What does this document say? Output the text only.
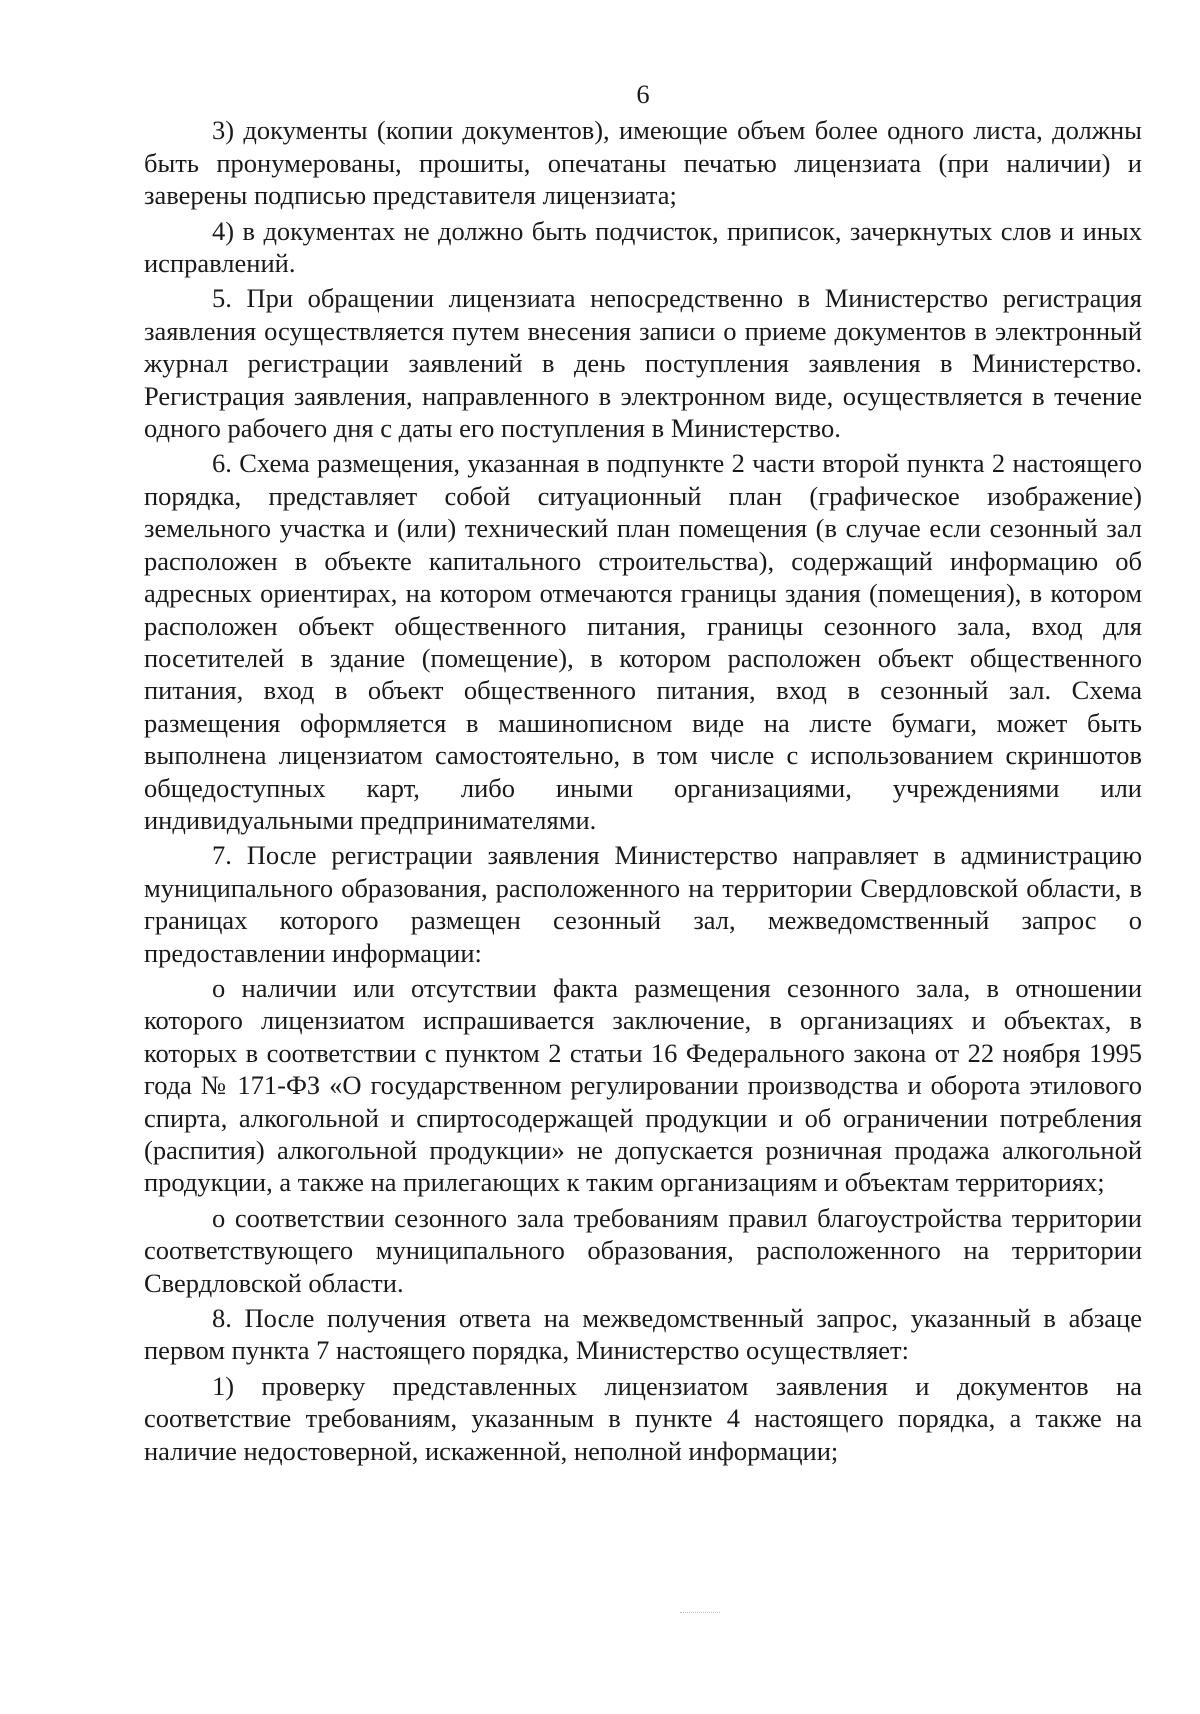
6

3) документы (копии документов), имеющие объем более одного листа, должны быть пронумерованы, прошиты, опечатаны печатью лицензиата (при наличии) и заверены подписью представителя лицензиата;

4) в документах не должно быть подчисток, приписок, зачеркнутых слов и иных исправлений.

5. При обращении лицензиата непосредственно в Министерство регистрация заявления осуществляется путем внесения записи о приеме документов в электронный журнал регистрации заявлений в день поступления заявления в Министерство. Регистрация заявления, направленного в электронном виде, осуществляется в течение одного рабочего дня с даты его поступления в Министерство.

6. Схема размещения, указанная в подпункте 2 части второй пункта 2 настоящего порядка, представляет собой ситуационный план (графическое изображение) земельного участка и (или) технический план помещения (в случае если сезонный зал расположен в объекте капитального строительства), содержащий информацию об адресных ориентирах, на котором отмечаются границы здания (помещения), в котором расположен объект общественного питания, границы сезонного зала, вход для посетителей в здание (помещение), в котором расположен объект общественного питания, вход в объект общественного питания, вход в сезонный зал. Схема размещения оформляется в машинописном виде на листе бумаги, может быть выполнена лицензиатом самостоятельно, в том числе с использованием скриншотов общедоступных карт, либо иными организациями, учреждениями или индивидуальными предпринимателями.

7. После регистрации заявления Министерство направляет в администрацию муниципального образования, расположенного на территории Свердловской области, в границах которого размещен сезонный зал, межведомственный запрос о предоставлении информации:

о наличии или отсутствии факта размещения сезонного зала, в отношении которого лицензиатом испрашивается заключение, в организациях и объектах, в которых в соответствии с пунктом 2 статьи 16 Федерального закона от 22 ноября 1995 года № 171-ФЗ «О государственном регулировании производства и оборота этилового спирта, алкогольной и спиртосодержащей продукции и об ограничении потребления (распития) алкогольной продукции» не допускается розничная продажа алкогольной продукции, а также на прилегающих к таким организациям и объектам территориях;

о соответствии сезонного зала требованиям правил благоустройства территории соответствующего муниципального образования, расположенного на территории Свердловской области.

8. После получения ответа на межведомственный запрос, указанный в абзаце первом пункта 7 настоящего порядка, Министерство осуществляет:

1) проверку представленных лицензиатом заявления и документов на соответствие требованиям, указанным в пункте 4 настоящего порядка, а также на наличие недостоверной, искаженной, неполной информации;
